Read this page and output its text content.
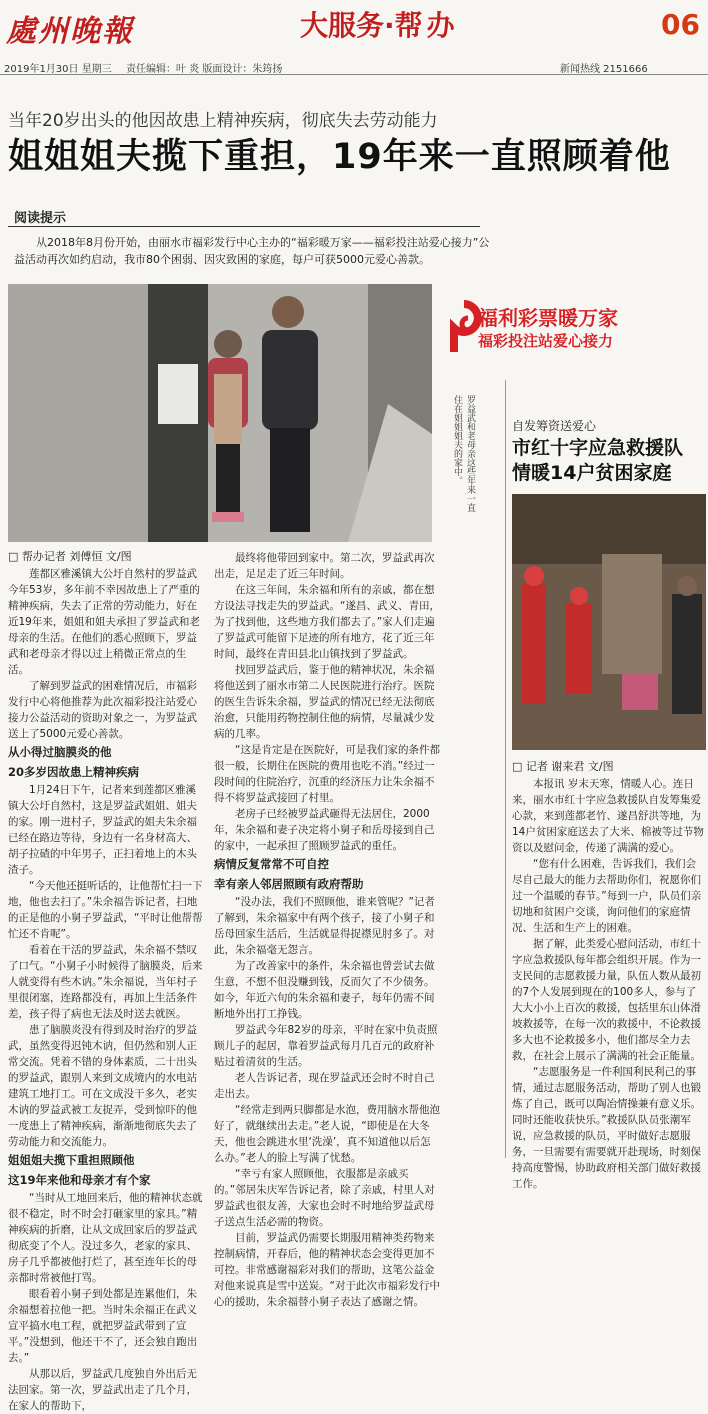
處州晚報	大服务·帮办	06
2019年1月30日 星期三 责任编辑：叶 炎 版面设计：朱筠扬	新闻热线 2151666
当年20岁出头的他因故患上精神疾病，彻底失去劳动能力
姐姐姐夫揽下重担，19年来一直照顾着他
阅读提示
从2018年8月份开始，由丽水市福彩发行中心主办的“福彩暖万家——福彩投注站爱心接力”公益活动再次如约启动，我市80个困弱、因灾致困的家庭，每户可获5000元爱心善款。
罗益武和老母亲这些年来一直住在姐姐姐夫的家中。
福利彩票暖万家
福彩投注站爱心接力
□ 帮办记者 刘傅恒 文/图

莲都区雅溪镇大公圩自然村的罗益武今年53岁，多年前不幸因故患上了严重的精神疾病，失去了正常的劳动能力，好在近19年来，姐姐和姐夫承担了罗益武和老母亲的生活。在他们的悉心照顾下，罗益武和老母亲才得以过上稍微正常点的生活。

了解到罗益武的困难情况后，市福彩发行中心将他推荐为此次福彩投注站爱心接力公益活动的资助对象之一，为罗益武送上了5000元爱心善款。

从小得过脑膜炎的他

20多岁因故患上精神疾病

1月24日下午，记者来到莲都区雅溪镇大公圩自然村，这是罗益武姐姐、姐夫的家。刚一进村子，罗益武的姐夫朱余福已经在路边等待，身边有一名身材高大、胡子拉碴的中年男子，正扫着地上的木头渣子。

“今天他还挺听话的，让他帮忙扫一下地，他也去扫了。”朱余福告诉记者，扫地的正是他的小舅子罗益武，“平时让他帮帮忙还不肯呢”。

看着在干活的罗益武，朱余福不禁叹了口气。“小舅子小时候得了脑膜炎，后来人就变得有些木讷。”朱余福说，当年村子里很闭塞，连路都没有，再加上生活条件差，孩子得了病也无法及时送去就医。

患了脑膜炎没有得到及时治疗的罗益武，虽然变得迟钝木讷，但仍然和别人正常交流。凭着不错的身体素质，二十出头的罗益武，跟别人来到文成境内的水电站建筑工地打工。可在文成没干多久，老实木讷的罗益武被工友捉弄，受到惊吓的他一度患上了精神疾病，渐渐地彻底失去了劳动能力和交流能力。

姐姐姐夫揽下重担照顾他

这19年来他和母亲才有个家

“当时从工地回来后，他的精神状态就很不稳定，时不时会打砸家里的家具。”精神疾病的折磨，让从文成回家后的罗益武彻底变了个人。没过多久，老家的家具、房子几乎都被他打烂了，甚至连年长的母亲都时常被他打骂。

眼看着小舅子到处都是连累他们，朱余福想着拉他一把。当时朱余福正在武义宣平搞水电工程，就把罗益武带到了宣平。”没想到，他还干不了，还会独自跑出去。”

从那以后，罗益武几度独自外出后无法回家。第一次，罗益武出走了几个月，在家人的帮助下，

最终将他带回到家中。第二次，罗益武再次出走，足足走了近三年时间。

在这三年间，朱余福和所有的亲戚，都在想方设法寻找走失的罗益武。“遂昌、武义、青田，为了找到他，这些地方我们都去了。”家人们走遍了罗益武可能留下足迹的所有地方，花了近三年时间，最终在青田县北山镇找到了罗益武。

找回罗益武后，鉴于他的精神状况，朱余福将他送到了丽水市第二人民医院进行治疗。医院的医生告诉朱余福，罗益武的情况已经无法彻底治愈，只能用药物控制住他的病情，尽量减少发病的几率。

“这是肯定是在医院好，可是我们家的条件都很一般，长期住在医院的费用也吃不消。”经过一段时间的住院治疗，沉重的经济压力让朱余福不得不将罗益武接回了村里。

老房子已经被罗益武砸得无法居住，2000年，朱余福和妻子决定将小舅子和岳母接到自己的家中，一起承担了照顾罗益武的重任。

病情反复常常不可自控

幸有亲人邻居照顾有政府帮助

“没办法，我们不照顾他，谁来管呢？”记者了解到，朱余福家中有两个孩子，接了小舅子和岳母回家生活后，生活就显得捉襟见肘多了。对此，朱余福毫无怨言。

为了改善家中的条件，朱余福也曾尝试去做生意，不想不但没赚到钱，反而欠了不少债务。如今，年近六旬的朱余福和妻子，每年仍需不间断地外出打工挣钱。

罗益武今年82岁的母亲，平时在家中负责照顾儿子的起居，靠着罗益武每月几百元的政府补贴过着清贫的生活。

老人告诉记者，现在罗益武还会时不时自己走出去。

“经常走到两只脚都是水泡，费用脑水帮他泡好了，就继续出去走。”老人说，“即使是在大冬天，他也会跳进水里‘洗澡’，真不知道他以后怎么办。”老人的脸上写满了忧愁。

“幸亏有家人照顾他，衣服都是亲戚买的。”邻居朱庆军告诉记者，除了亲戚，村里人对罗益武也很友善，大家也会时不时地给罗益武母子送点生活必需的物资。

目前，罗益武仍需要长期服用精神类药物来控制病情，开春后，他的精神状态会变得更加不可控。非常感谢福彩对我们的帮助，这笔公益金对他来说真是雪中送炭。“对于此次市福彩发行中心的援助，朱余福替小舅子表达了感谢之情。

自发筹资送爱心
市红十字应急救援队
情暖14户贫困家庭
□ 记者 谢来君 文/图

本报讯 岁末天寒，情暖人心。连日来，丽水市红十字应急救援队自发筹集爱心款，来到莲都老竹、遂昌舒洪等地，为14户贫困家庭送去了大米、棉被等过节物资以及慰问金，传递了满满的爱心。

“您有什么困难，告诉我们，我们会尽自己最大的能力去帮助你们，祝愿你们过一个温暖的春节。”每到一户，队员们亲切地和贫困户交谈，询问他们的家庭情况、生活和生产上的困难。

据了解，此类爱心慰问活动，市红十字应急救援队每年都会组织开展。作为一支民间的志愿救援力量，队伍人数从最初的7个人发展到现在的100多人，参与了大大小小上百次的救援，包括里东山体滑坡救援等，在每一次的救援中，不论救援多大也不论救援多小，他们都尽全力去救，在社会上展示了满满的社会正能量。

“志愿服务是一件利国利民利己的事情，通过志愿服务活动，帮助了别人也锻炼了自己，既可以陶冶情操兼有意义乐。同时还能收获快乐。”救援队队员张潮军说，应急救援的队员，平时做好志愿服务，一旦需要有需要就开赴现场，时刻保持高度警惕，协助政府相关部门做好救援工作。
